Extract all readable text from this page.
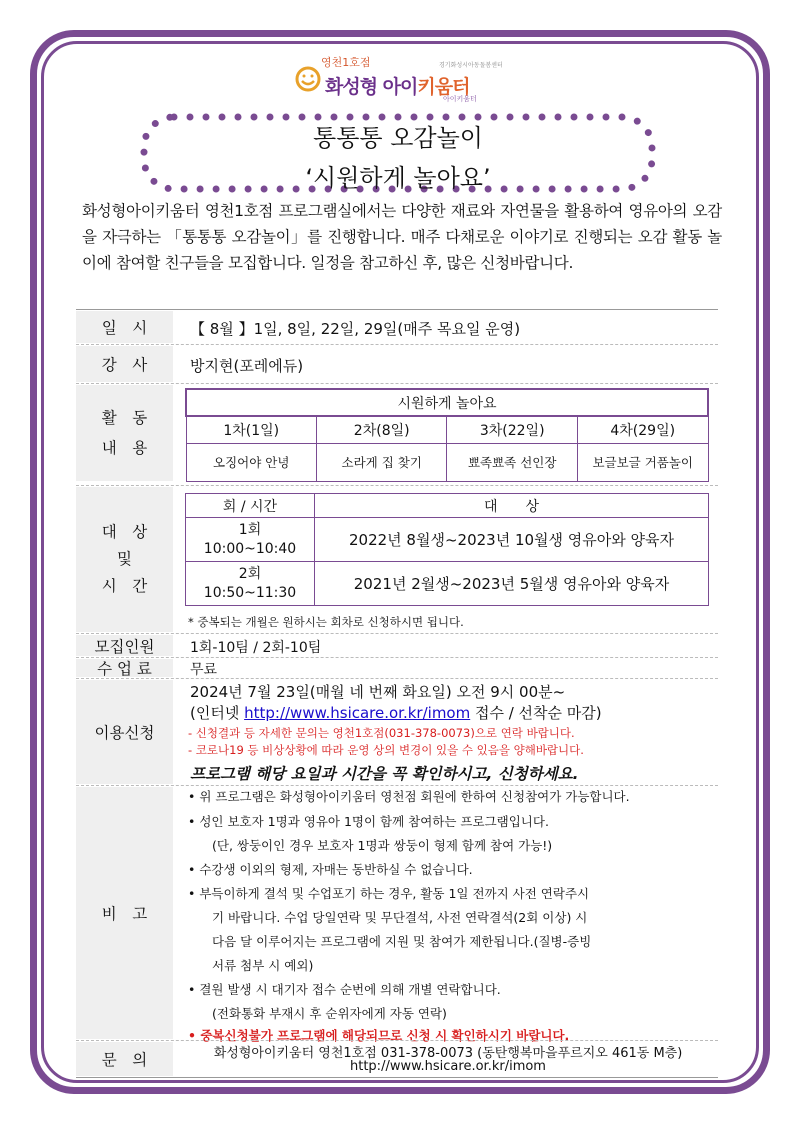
영천1호점	경기화성시아동돌봄센터
화성형 아이키움터
아이키움터
통통통 오감놀이
‘시원하게 놀아요’
화성형아이키움터 영천1호점 프로그램실에서는 다양한 재료와 자연물을 활용하여 영유아의 오감을 자극하는 「통통통 오감놀이」를 진행합니다. 매주 다채로운 이야기로 진행되는 오감 활동 놀이에 참여할 친구들을 모집합니다. 일정을 참고하신 후, 많은 신청바랍니다.
일　시	【 8월 】1일, 8일, 22일, 29일(매주 목요일 운영)
강　사	방지현(포레에듀)
활　동
내　용
시원하게 놀아요			
1차(1일)	2차(8일)	3차(22일)	4차(29일)
오징어야 안녕	소라게 집 찾기	뾰족뾰족 선인장	보글보글 거품놀이
대　상
및
시　간
회 / 시간	대　　상
1회
10:00~10:40	2022년 8월생~2023년 10월생 영유아와 양육자
2회
10:50~11:30	2021년 2월생~2023년 5월생 영유아와 양육자
* 중복되는 개월은 원하시는 회차로 신청하시면 됩니다.
모집인원	1회-10팀 / 2회-10팀
수 업 료	무료
이용신청
2024년 7월 23일(매월 네 번째 화요일) 오전 9시 00분~
(인터넷 http://www.hsicare.or.kr/imom 접수 / 선착순 마감)
- 신청결과 등 자세한 문의는 영천1호점(031-378-0073)으로 연락 바랍니다.
- 코로나19 등 비상상황에 따라 운영 상의 변경이 있을 수 있음을 양해바랍니다.
프로그램 해당 요일과 시간을 꼭 확인하시고, 신청하세요.
비　고
• 위 프로그램은 화성형아이키움터 영천점 회원에 한하여 신청참여가 가능합니다.
• 성인 보호자 1명과 영유아 1명이 함께 참여하는 프로그램입니다.
(단, 쌍둥이인 경우 보호자 1명과 쌍둥이 형제 함께 참여 가능!)
• 수강생 이외의 형제, 자매는 동반하실 수 없습니다.
• 부득이하게 결석 및 수업포기 하는 경우, 활동 1일 전까지 사전 연락주시
기 바랍니다. 수업 당일연락 및 무단결석, 사전 연락결석(2회 이상) 시
다음 달 이루어지는 프로그램에 지원 및 참여가 제한됩니다.(질병-증빙
서류 첨부 시 예외)
• 결원 발생 시 대기자 접수 순번에 의해 개별 연락합니다.
(전화통화 부재시 후 순위자에게 자동 연락)
• 중복신청불가 프로그램에 해당되므로 신청 시 확인하시기 바랍니다.
문　의	화성형아이키움터 영천1호점 031-378-0073 (동탄행복마을푸르지오 461동 M층)
http://www.hsicare.or.kr/imom
